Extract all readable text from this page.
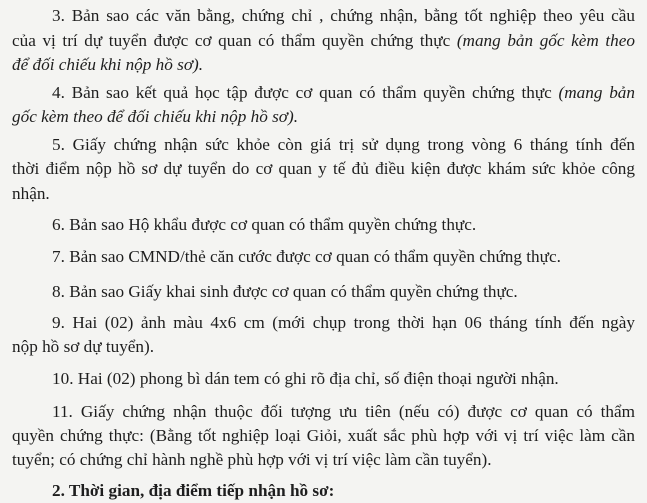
3. Bản sao các văn bằng, chứng chỉ , chứng nhận, bằng tốt nghiệp theo yêu cầu
của vị trí dự tuyển được cơ quan có thẩm quyền chứng thực (mang bản gốc kèm theo
để đối chiếu khi nộp hồ sơ).
4. Bản sao kết quả học tập được cơ quan có thẩm quyền chứng thực (mang bản
gốc kèm theo để đối chiếu khi nộp hồ sơ).
5. Giấy chứng nhận sức khỏe còn giá trị sử dụng trong vòng 6 tháng tính đến
thời điểm nộp hồ sơ dự tuyển do cơ quan y tế đủ điều kiện được khám sức khỏe công
nhận.
6. Bản sao Hộ khẩu được cơ quan có thẩm quyền chứng thực.
7. Bản sao CMND/thẻ căn cước được cơ quan có thẩm quyền chứng thực.
8. Bản sao Giấy khai sinh được cơ quan có thẩm quyền chứng thực.
9. Hai (02) ảnh màu 4x6 cm (mới chụp trong thời hạn 06 tháng tính đến ngày
nộp hồ sơ dự tuyển).
10. Hai (02) phong bì dán tem có ghi rõ địa chỉ, số điện thoại người nhận.
11. Giấy chứng nhận thuộc đối tượng ưu tiên (nếu có) được cơ quan có thẩm
quyền chứng thực: (Bằng tốt nghiệp loại Giỏi, xuất sắc phù hợp với vị trí việc làm cần
tuyển; có chứng chỉ hành nghề phù hợp với vị trí việc làm cần tuyển).
2. Thời gian, địa điểm tiếp nhận hồ sơ:
